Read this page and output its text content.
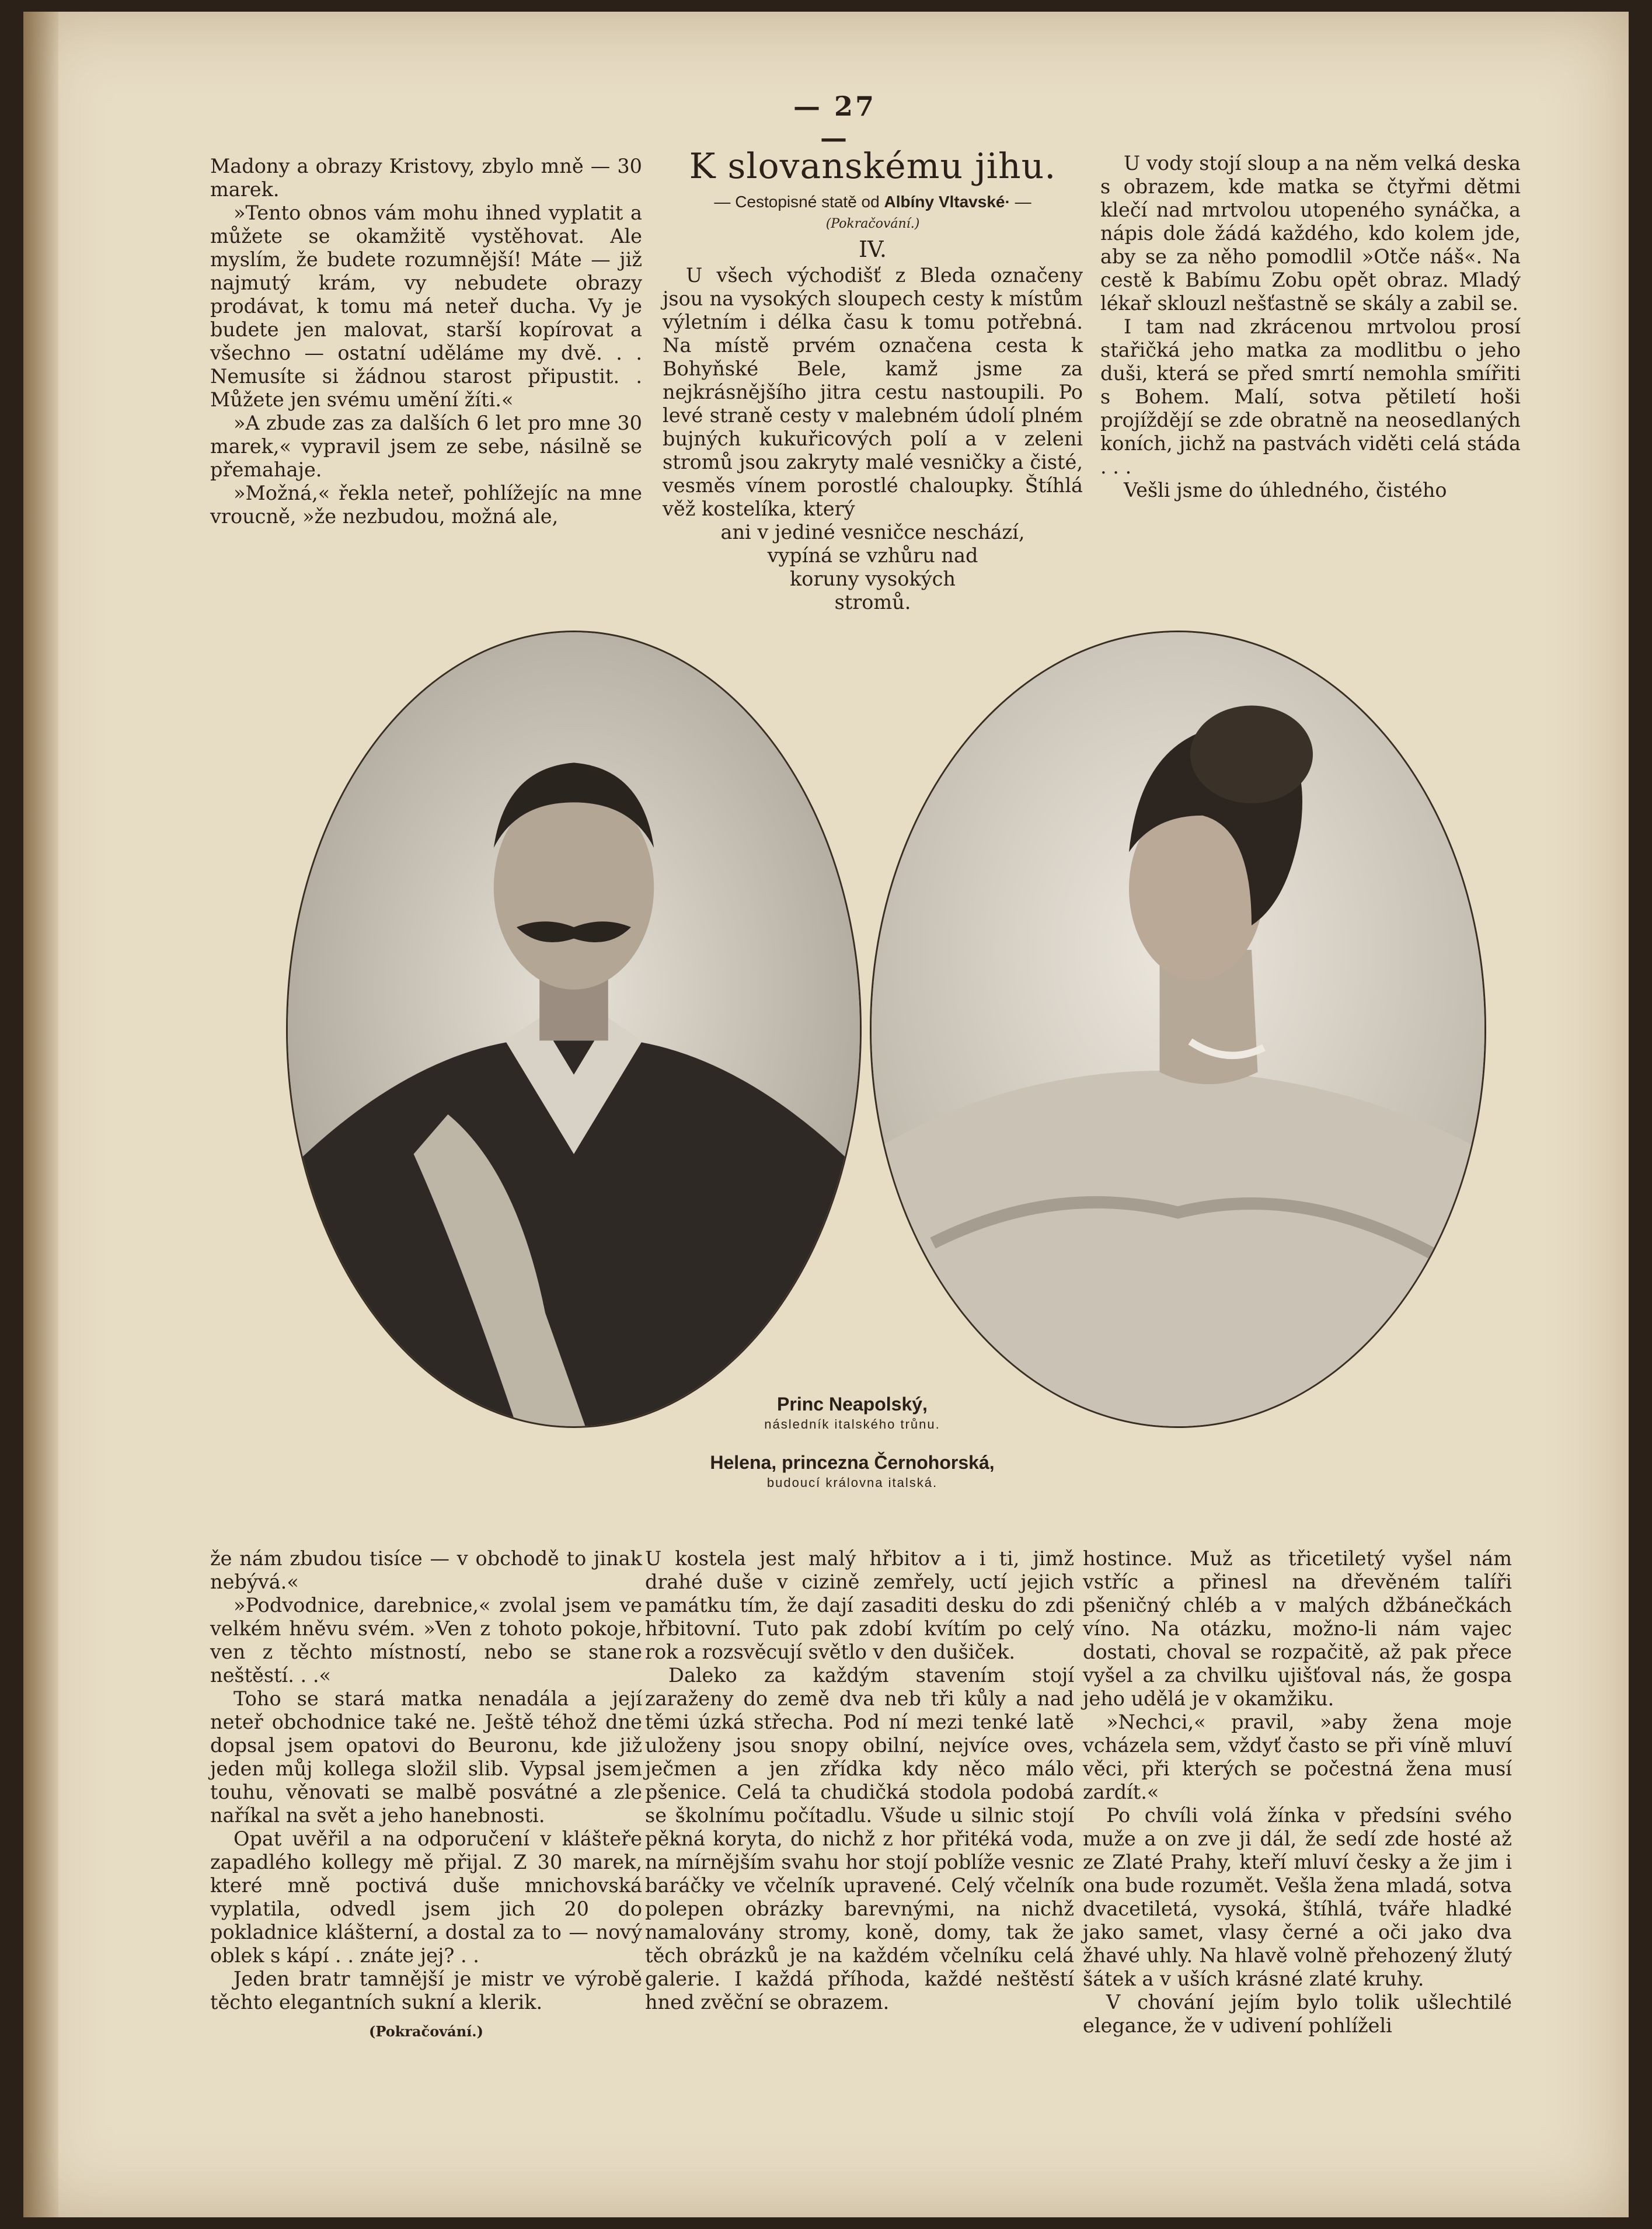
— 27 —

Madony a obrazy Kristovy, zbylo mně — 30 marek.

»Tento obnos vám mohu ihned vyplatit a můžete se okamžitě vystěhovat. Ale myslím, že budete rozumnější! Máte — již najmutý krám, vy nebudete obrazy prodávat, k tomu má neteř ducha. Vy je budete jen malovat, starší kopírovat a všechno — ostatní uděláme my dvě. . . Nemusíte si žádnou starost připustit. . Můžete jen svému umění žíti.«

»A zbude zas za dalších 6 let pro mne 30 marek,« vypravil jsem ze sebe, násilně se přemahaje.

»Možná,« řekla neteř, pohlížejíc na mne vroucně, »že nezbudou, možná ale,

K slovanskému jihu.
— Cestopisné statě od Albíny Vltavské· —
(Pokračování.)
IV.

U všech východišť z Bleda označeny jsou na vysokých sloupech cesty k místům výletním i délka času k tomu potřebná. Na místě prvém označena cesta k Bohyňské Bele, kamž jsme za nejkrásnějšího jitra cestu nastoupili. Po levé straně cesty v malebném údolí plném bujných kukuřicových polí a v zeleni stromů jsou zakryty malé vesničky a čisté, vesměs vínem porostlé chaloupky. Štíhlá věž kostelíka, který

ani v jediné vesničce neschází,

vypíná se vzhůru nad

koruny vysokých

stromů.

U vody stojí sloup a na něm velká deska s obrazem, kde matka se čtyřmi dětmi klečí nad mrtvolou utopeného synáčka, a nápis dole žádá každého, kdo kolem jde, aby se za něho pomodlil »Otče náš«. Na cestě k Babímu Zobu opět obraz. Mladý lékař sklouzl nešťastně se skály a zabil se.

I tam nad zkrácenou mrtvolou prosí stařičká jeho matka za modlitbu o jeho duši, která se před smrtí nemohla smířiti s Bohem. Malí, sotva pětiletí hoši projíždějí se zde obratně na neosedlaných koních, jichž na pastvách viděti celá stáda . . .

Vešli jsme do úhledného, čistého

Princ Neapolský,
následník italského trůnu.
Helena, princezna Černohorská,
budoucí královna italská.

že nám zbudou tisíce — v obchodě to jinak nebývá.«

»Podvodnice, darebnice,« zvolal jsem ve velkém hněvu svém. »Ven z tohoto pokoje, ven z těchto místností, nebo se stane neštěstí. . .«

Toho se stará matka nenadála a její neteř obchodnice také ne. Ještě téhož dne dopsal jsem opatovi do Beuronu, kde již jeden můj kollega složil slib. Vypsal jsem touhu, věnovati se malbě posvátné a zle naříkal na svět a jeho hanebnosti.

Opat uvěřil a na odporučení v klášteře zapadlého kollegy mě přijal. Z 30 marek, které mně poctivá duše mnichovská vyplatila, odvedl jsem jich 20 do pokladnice klášterní, a dostal za to — nový oblek s kápí . . znáte jej? . .

Jeden bratr tamnější je mistr ve výrobě těchto elegantních sukní a klerik.

(Pokračování.)

U kostela jest malý hřbitov a i ti, jimž drahé duše v cizině zemřely, uctí jejich památku tím, že dají zasaditi desku do zdi hřbitovní. Tuto pak zdobí kvítím po celý rok a rozsvěcují světlo v den dušiček.

Daleko za každým stavením stojí zaraženy do země dva neb tři kůly a nad těmi úzká střecha. Pod ní mezi tenké latě uloženy jsou snopy obilní, nejvíce oves, ječmen a jen zřídka kdy něco málo pšenice. Celá ta chudičká stodola podobá se školnímu počítadlu. Všude u silnic stojí pěkná koryta, do nichž z hor přitéká voda, na mírnějším svahu hor stojí poblíže vesnic baráčky ve včelník upravené. Celý včelník polepen obrázky barevnými, na nichž namalovány stromy, koně, domy, tak že těch obrázků je na každém včelníku celá galerie. I každá příhoda, každé neštěstí hned zvěční se obrazem.

hostince. Muž as třicetiletý vyšel nám vstříc a přinesl na dřevěném talíři pšeničný chléb a v malých džbánečkách víno. Na otázku, možno-li nám vajec dostati, choval se rozpačitě, až pak přece vyšel a za chvilku ujišťoval nás, že gospa jeho udělá je v okamžiku.

»Nechci,« pravil, »aby žena moje vcházela sem, vždyť často se při víně mluví věci, při kterých se počestná žena musí zardít.«

Po chvíli volá žínka v předsíni svého muže a on zve ji dál, že sedí zde hosté až ze Zlaté Prahy, kteří mluví česky a že jim i ona bude rozumět. Vešla žena mladá, sotva dvacetiletá, vysoká, štíhlá, tváře hladké jako samet, vlasy černé a oči jako dva žhavé uhly. Na hlavě volně přehozený žlutý šátek a v uších krásné zlaté kruhy.

V chování jejím bylo tolik ušlechtilé elegance, že v udivení pohlíželi
